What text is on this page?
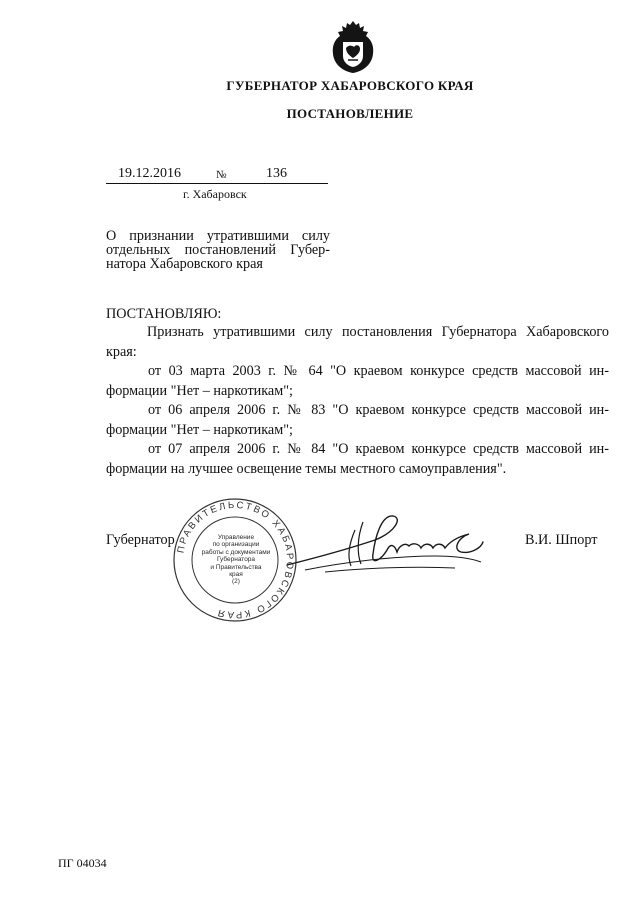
ГУБЕРНАТОР ХАБАРОВСКОГО КРАЯ
ПОСТАНОВЛЕНИЕ
19.12.2016	№	136
г. Хабаровск
О признании утратившими силу
отдельных постановлений Губер-
натора Хабаровского края
ПОСТАНОВЛЯЮ:
Признать утратившими силу постановления Губернатора Хабаровского
края:
от 03 марта 2003 г. № 64 "О краевом конкурсе средств массовой ин-
формации "Нет – наркотикам";
от 06 апреля 2006 г. № 83 "О краевом конкурсе средств массовой ин-
формации "Нет – наркотикам";
от 07 апреля 2006 г. № 84 "О краевом конкурсе средств массовой ин-
формации на лучшее освещение темы местного самоуправления".
Губернатор	В.И. Шпорт
ПРАВИТЕЛЬСТВО ХАБАРОВСКОГО КРАЯ
Управление
по организации
работы с документами
Губернатора
и Правительства
края
(2)
ПГ 04034
